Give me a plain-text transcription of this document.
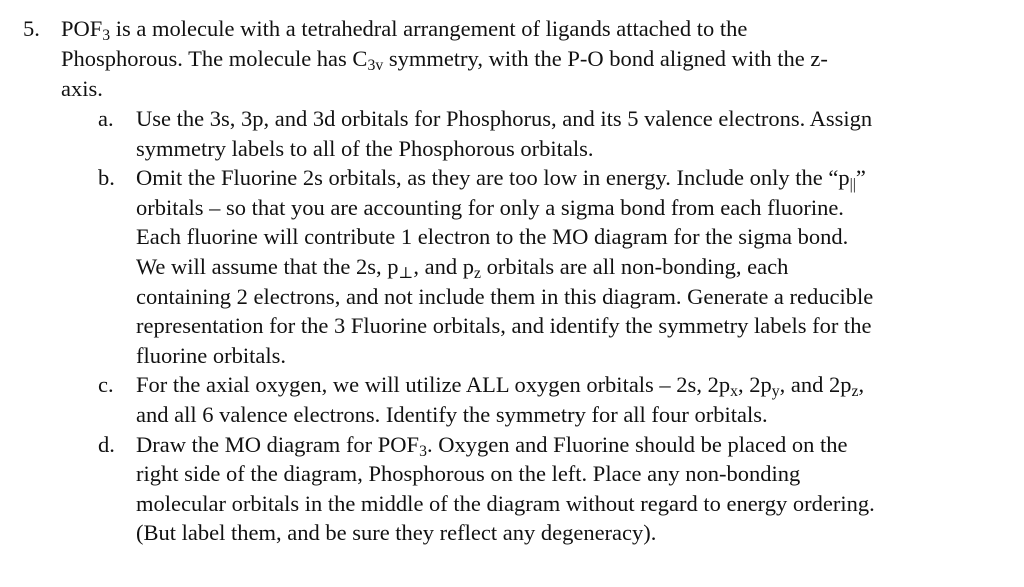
5. $POF_3$ is a molecule with a tetrahedral arrangement of ligands attached to the
Phosphorous. The molecule has $C_{3v}$ symmetry, with the P-O bond aligned with the z-
axis.
a. Use the 3s, 3p, and 3d orbitals for Phosphorus, and its 5 valence electrons. Assign
symmetry labels to all of the Phosphorous orbitals.
b. Omit the Fluorine 2s orbitals, as they are too low in energy. Include only the “$p_{||}$”
orbitals – so that you are accounting for only a sigma bond from each fluorine.
Each fluorine will contribute 1 electron to the MO diagram for the sigma bond.
We will assume that the 2s, $p_\perp$, and $p_z$ orbitals are all non-bonding, each
containing 2 electrons, and not include them in this diagram. Generate a reducible
representation for the 3 Fluorine orbitals, and identify the symmetry labels for the
fluorine orbitals.
c. For the axial oxygen, we will utilize ALL oxygen orbitals – 2s, $2p_x$, $2p_y$, and $2p_z$,
and all 6 valence electrons. Identify the symmetry for all four orbitals.
d. Draw the MO diagram for $POF_3$. Oxygen and Fluorine should be placed on the
right side of the diagram, Phosphorous on the left. Place any non-bonding
molecular orbitals in the middle of the diagram without regard to energy ordering.
(But label them, and be sure they reflect any degeneracy).
